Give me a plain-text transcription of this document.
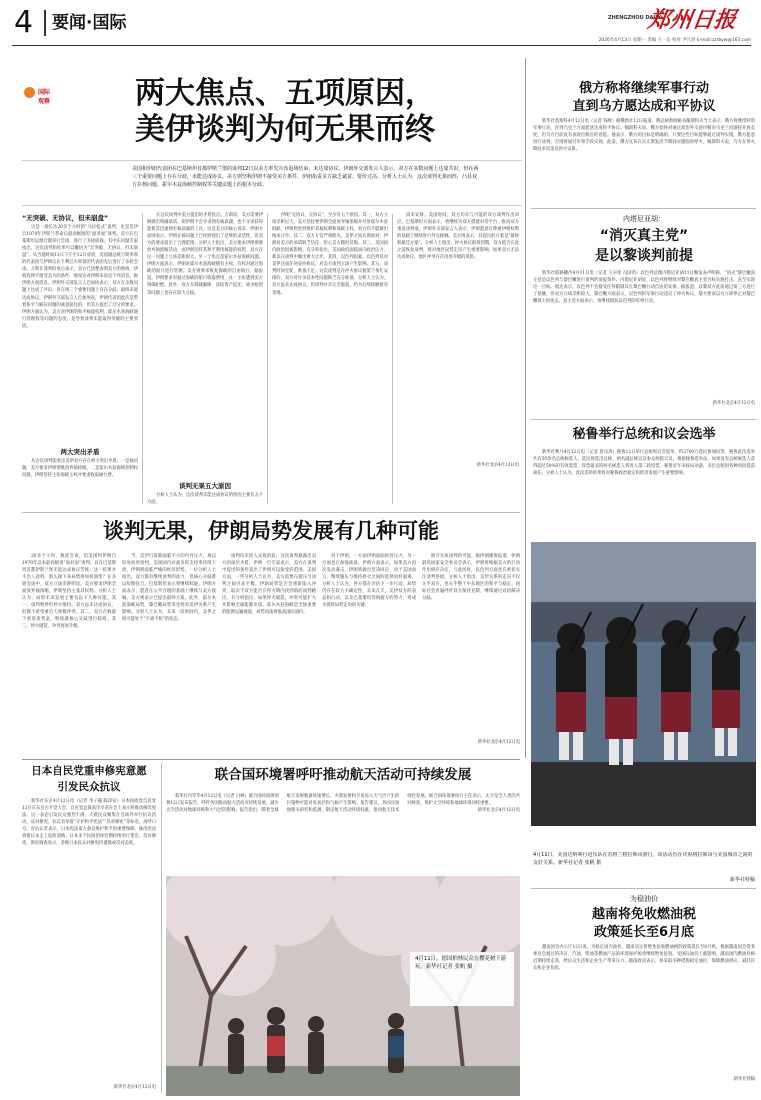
4 要闻·国际	ZHENGZHOU DAILY
郑州日报
2026年4月13日 星期一 责编 王一岳 校对 尹月沛 E-mail:zzrbyw@163.com
国际
观察	两大焦点、五项原因，
美伊谈判为何无果而终
美国和伊朗代表团在巴基斯坦首都伊斯兰堡的谈判12日以美方率先宣布退场结束，未达成协议。伊朗外交部发言人表示，双方在多数问题上达成共识，但在两三个重要问题上存在分歧，未能达成协议。美方则坚称伊朗不接受美方条件。伊朗指责美方缺乏诚意、要价过高。分析人士认为，这次谈判无果而终，凸显双方在核问题、霍尔木兹海峡控制权等关键议题上的根本分歧。
“无突破、无协议，但未崩盘”

这是一场长达20多个小时的“马拉松式”谈判，也是美伊自1979年伊斯兰革命后最高级别的“面对面”谈判。双方在巴基斯坦总理官邸举行会谈，进行了多轮磋商。有中东问题专家指出，这次谈判的结果可以概括为“无突破、无协议，但未崩盘”。从当地时间11日下午至12日清晨，美国副总统万斯率领的代表团与伊朗议长卡利巴夫率领的代表团先后进行了多轮会谈。万斯在谈判结束后表示，美方已清楚表明美方的底线，伊朗选择不接受美方的条件。他说这对伊朗来说是个坏消息。据伊朗方面消息，伊朗外交部发言人巴加埃表示，双方在多数问题上达成了共识，但在两三个重要问题上存在分歧，最终未能达成协议。伊朗外交部发言人巴加埃说，伊朗代表团此次是带着和平与解决问题的诚意前往的，但美方提出了过分的要求。伊朗方面认为，美方对伊朗的和平核能权利、霍尔木兹海峡通行管理权等问题的态度，是导致谈判未能取得突破的主要原因。

两大突出矛盾

从这次谈判能看出美伊双方存在两大突出矛盾。一是核问题，美方要求伊朗彻底放弃铀浓缩，二是霍尔木兹海峡控制权问题，伊朗坚持主张海峡主权并要求收取通行费。

在这次谈判中美方提出的矛盾焦点。万斯说，美方需要伊朗做出明确承诺，即伊朗不会寻求拥有核武器，也不寻求获得能使其迅速拥有核武器的工具。这是美方的核心诉求。伊朗方面则表示，伊朗在核问题上已经展现出了足够的灵活性，但美方的要求超出了合理范围。分析人士指出，美方要求伊朗彻底放弃铀浓缩活动，而伊朗坚持其和平利用核能的权利，双方在这一问题上立场差距很大。另一个焦点是霍尔木兹海峡问题。伊朗方面表示，伊朗对霍尔木兹海峡拥有主权，有权对通过海峡的船只进行管理。美方则要求恢复海峡的自由航行。据报道，伊朗要求对通过海峡的船只收取费用，这一主张遭到美方明确拒绝。此外，双方在制裁解除、冻结资产返还、战争赔偿等问题上也存在较大分歧。

谈判无果五大原因

分析人士认为，这次谈判未能达成协议的原因主要有五个方面。

伊朗“无协议、无协议”，至少有五个原因。其一，双方立场差距过大。美方坚持要伊朗全面放弃铀浓缩并开放霍尔木兹海峡，伊朗则坚持维护其核权利和海峡主权，双方均不愿做出根本让步。其二，双方互信严重缺失。美伊之间长期敌对，伊朗对美方的承诺缺乏信任，担心美方随时反悔。其三，美国国内政治因素影响。有分析指出，美国政府面临国内政治压力，难以在谈判中做出重大让步。其四，以色列因素。以色列反对美伊达成任何妥协协议，对美方谈判立场产生影响。其五，谈判时间仓促、准备不足。这次谈判是在停火协议框架下匆忙安排的，双方对许多技术性问题缺乏充分准备。分析人士认为，双方虽未达成协议，但谈判并未完全破裂，仍为后续接触留有余地。

尚未安排。美国时间，双方均未与可能的双方谈判作出回应。巴基斯坦方面表示，将继续为双方搭建对话平台，推动双方重返谈判桌。伊朗外交部发言人表示，伊朗愿意在尊重伊朗权利的基础上继续进行外交接触。美方则表示，其提出的方案是“最终和最佳方案”。分析人士指出，停火协议即将到期，双方能否在此之前恢复谈判，将对地区局势走向产生重要影响。如果双方无法达成协议，地区冲突存在再度升级的风险。

新华社北京4月12日电

谈判无果，伊朗局势发展有几种可能

20多个小时，数轮会谈，但美国和伊朗自1979年以来最高级别“面对面”谈判，以在巴基斯坦首都伊斯兰堡未能达成协议告终。这一结果并不出人意料，那么接下来局势将如何演变？在多轮会谈中，双方立场差距明显。美方要求伊朗全面放弃铀浓缩，伊朗坚持主张其权利。分析人士认为，局势未来发展主要有以下几种可能。其一，谈判暂停但停火维持。双方虽未达成协议，但都不希望重启大规模冲突。其二，双方在斡旋下重返谈判桌，继续就核心分歧进行磋商。其三，停火破裂，冲突再度升级。

当，美伊目前都面临不小的内外压力，难以轻易放弃谈判。美国国内对战争的支持率持续下滑，伊朗则面临严峻的经济形势。一位分析人士指出，双方都有继续谈判的动力，但核心分歧难以短期弥合。巴基斯坦表示将继续斡旋。伊朗方面表示，愿意在公平合理的基础上继续与美方接触。美方则表示已提出最终方案。此外，霍尔木兹海峡局势、黎巴嫩局势等也将对美伊关系产生影响。分析人士认为，未来一段时间内，美伊之间可能处于“不战不和”的状态。

谈判均未进入实质阶段，这次谈判暴露出双方的深层矛盾。伊朗一位专家表示，美方在谈判中提出的条件超出了伊朗可以接受的范围。美国方面，一些分析人士认为，美方需要在施压与谈判之间寻求平衡。伊朗局势是否会重新陷入冲突，取决于双方能否在停火期内找到新的谈判路径。有分析指出，如果停火破裂，冲突可能扩大并影响全球能源市场。霍尔木兹海峡是全球重要的能源运输通道，局势动荡将推高国际油价。

对于伊朗，一方面伊朗面临经济压力，另一方面也在加强战备。伊朗方面表示，如果美方再次发动袭击，伊朗将做出坚决回应。对于美国而言，继续施压与维持停火之间的选择同样艰难。分析人士认为，各方都在评估下一步行动，局势仍存在较大不确定性。未来几天，美伊双方的表态和行动，以及巴基斯坦等斡旋方的努力，将成为观察局势走向的关键。

展开实质谈判的可能。据伊朗媒体报道，伊朗最高国家安全委员会表示，伊朗将根据美方的行动作出相应决定。与此同时，以色列方面也在密切关注谈判进展。分析人士指出，美伊关系的走向不仅关乎双方，也关乎整个中东地区的和平与稳定。国际社会普遍呼吁双方保持克制，继续通过对话解决分歧。

新华社北京4月12日电

俄方称将继续军事行动
直到乌方愿达成和平协议

新华社莫斯科4月12日电（记者 钱峰）据俄新社12日报道，俄总统新闻秘书佩斯科夫当天表示，俄方将继续特别军事行动，直到乌克兰方面愿意达成和平协议。佩斯科夫说，俄方始终对通过政治外交途径解决乌克兰问题持开放态度，但乌方目前没有表现出相应的意愿。他表示，俄方的目标是明确的，只要这些目标能够通过谈判实现，俄方愿意进行谈判；否则将通过军事手段实现。此前，俄方宣布在东正教复活节期间实施临时停火。佩斯科夫说，乌方在停火期间多次违反停火安排。

内塔尼亚胡：
“消灭真主党”
是以黎谈判前提

新华社耶路撒冷4月11日电（记者 王卓伦 冯国芮）以色列总理内塔尼亚胡11日晚发表声明称，“消灭”黎巴嫩真主党是以色列与黎巴嫩进行谈判的前提条件。内塔尼亚胡说，以色列将继续对黎巴嫩真主党目标实施打击，直至实现这一目标。他还表示，以色列不会接受任何限制其在黎巴嫩行动自由的安排。据报道，以黎双方此前通过第三方进行了接触，但双方立场差距较大。黎巴嫩方面表示，以色列的军事行动违反了停火协议，黎方要求以方立即停止对黎巴嫩领土的攻击。真主党方面表示，将继续抵抗以色列的军事行动。

新华社北京4月12日电

秘鲁举行总统和议会选举

新华社利马4月12日电（记者 唐乐涛）秘鲁12日举行总统和议会选举，约2700万选民参加投票。秘鲁此次选举共有30余名总统候选人，选民将选出总统、两名副总统以及参众两院议员。根据秘鲁选举法，如果没有总统候选人获得超过50%的有效选票，得票最多的两名候选人将进入第二轮投票。秘鲁近年来政局动荡，多位总统因各种原因提前离任。分析人士认为，此次选举结果将对秘鲁政治稳定和经济发展产生重要影响。

4月11日，美国达纳利行进乐队在苏格兰格拉斯哥游行，该活动旨在庆祝格拉斯哥与美国城市之间的友好关系。新华社记者 张帆 摄
新华社特稿
为稳油价
越南将免收燃油税
政策延长至6月底

越南国会办公厅12日说，为稳定国内油价，越南决定将暂免征收燃油税的政策延长至6月底。根据越南国会常务委员会通过的决议，汽油、柴油等燃油产品的环境保护税将继续暂免征收。受国际油价上涨影响，越南国内燃油价格近期持续走高，给民众生活和企业生产带来压力。越南政府表示，将采取多种措施稳定油价，保障燃油供应，减轻民众和企业负担。

新华社特稿

日本自民党重申修宪意愿
引发民众抗议

新华社东京4月12日电（记者 李子越 陈泽安）日本执政党自民党12日在东京召开党大会，自民党总裁高市早苗在会上表示将推动修改宪法。这一表态引发民众强烈不满，大批民众聚集在会场外举行抗议活动，反对修宪。抗议者举着“守护和平宪法”“反对修宪”等标语，高呼口号。有抗议者表示，日本宪法第九条是维护和平的重要保障，修改宪法将使日本走上危险道路。日本多个民间团体近期持续举行集会，反对修宪。舆论调查显示，多数日本民众对修宪持谨慎或反对态度。

新华社北京4月12日电

联合国环境署呼吁推动航天活动可持续发展

新华社内罗毕4月12日电（记者 白林）联合国环境规划署12日发布报告，呼吁各国推动航天活动可持续发展，减少太空活动对地球环境和大气层的影响。报告指出，随着全球航天发射数量快速增长，火箭发射和卫星再入大气层产生的污染物可能对臭氧层和气候产生影响。报告建议，各国应加强相关研究和监测，制定航天活动环境标准，推动航天技术绿色发展。联合国环境署执行主任表示，太空是全人类的共同财富，保护太空环境和地球环境同样重要。

新华社北京4月12日电

4月11日，德国柏林民众在樱花树下游玩。新华社记者 张帆 摄
